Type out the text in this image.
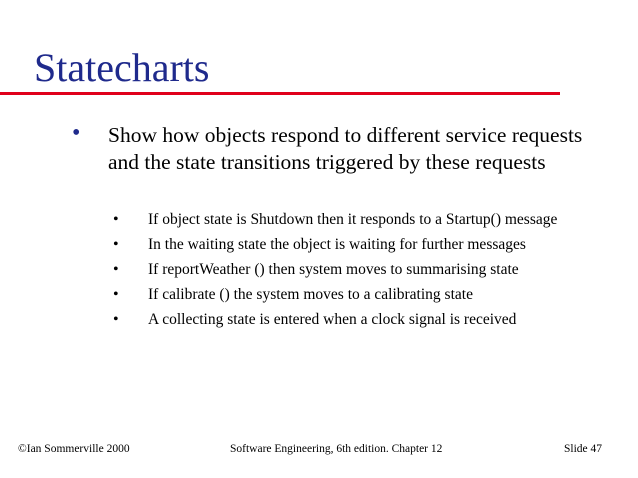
Statecharts
• Show how objects respond to different service requests and the state transitions triggered by these requests
• If object state is Shutdown then it responds to a Startup() message
• In the waiting state the object is waiting for further messages
• If reportWeather () then system moves to summarising state
• If calibrate () the system moves to a calibrating state
• A collecting state is entered when a clock signal is received
©Ian Sommerville 2000	Software Engineering, 6th edition. Chapter 12	Slide 47
